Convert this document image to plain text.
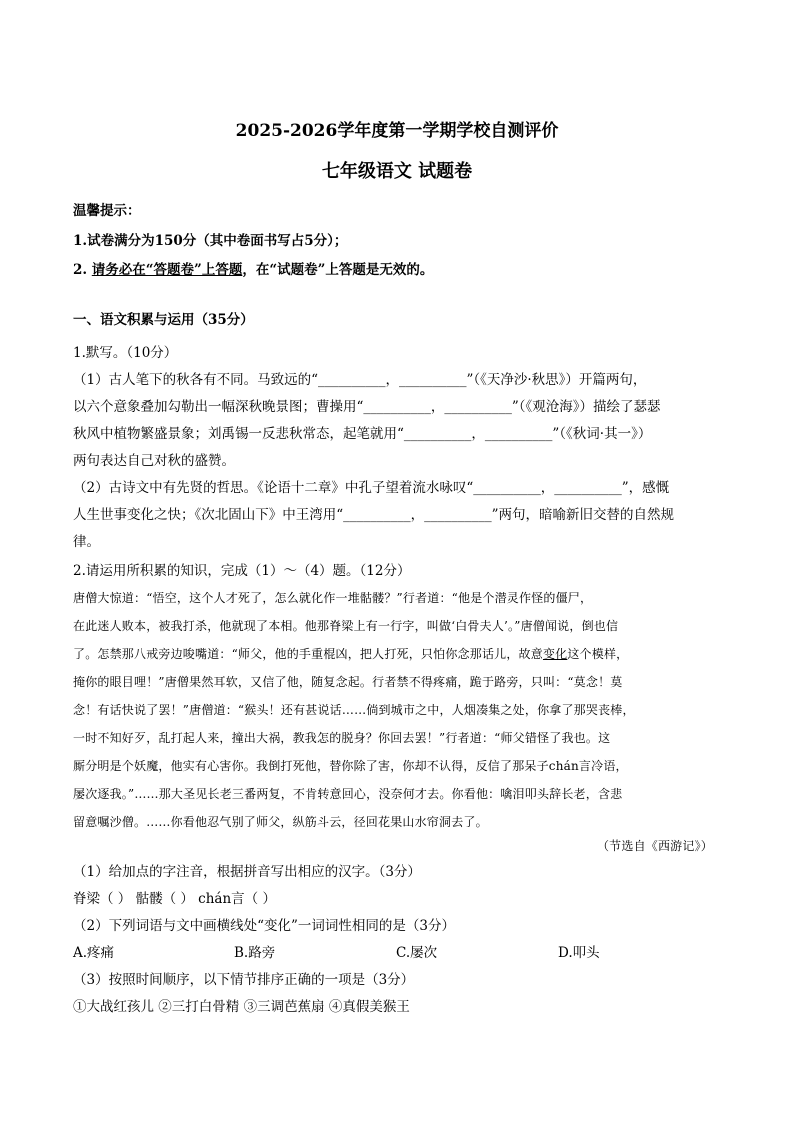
2025-2026学年度第一学期学校自测评价
七年级语文 试题卷

温馨提示：

1.试卷满分为150分（其中卷面书写占5分）；

2. 请务必在“答题卷”上答题，在“试题卷”上答题是无效的。

一、语文积累与运用（35分）

1.默写。（10分）

（1）古人笔下的秋各有不同。马致远的“__________，__________”（《天净沙·秋思》）开篇两句，

以六个意象叠加勾勒出一幅深秋晚景图；曹操用“__________，__________”（《观沧海》）描绘了瑟瑟

秋风中植物繁盛景象；刘禹锡一反悲秋常态，起笔就用“__________，__________”（《秋词·其一》）

两句表达自己对秋的盛赞。

（2）古诗文中有先贤的哲思。《论语十二章》中孔子望着流水咏叹“__________，__________”，感慨

人生世事变化之快；《次北固山下》中王湾用“__________，__________”两句，暗喻新旧交替的自然规

律。

2.请运用所积累的知识，完成（1）～（4）题。（12分）

唐僧大惊道：“悟空，这个人才死了，怎么就化作一堆骷髅？”行者道：“他是个潜灵作怪的僵尸，

在此迷人败本，被我打杀，他就现了本相。他那脊梁上有一行字，叫做‘白骨夫人’。”唐僧闻说，倒也信

了。怎禁那八戒旁边唆嘴道：“师父，他的手重棍凶，把人打死，只怕你念那话儿，故意变化这个模样，

掩你的眼目哩！”唐僧果然耳软，又信了他，随复念起。行者禁不得疼痛，跪于路旁，只叫：“莫念！莫

念！有话快说了罢！”唐僧道：“猴头！还有甚说话……倘到城市之中，人烟凑集之处，你拿了那哭丧棒，

一时不知好歹，乱打起人来，撞出大祸，教我怎的脱身？你回去罢！”行者道：“师父错怪了我也。这

厮分明是个妖魔，他实有心害你。我倒打死他，替你除了害，你却不认得，反信了那呆子chán言冷语，

屡次逐我。”……那大圣见长老三番两复，不肯转意回心，没奈何才去。你看他：噙泪叩头辞长老，含悲

留意嘱沙僧。……你看他忍气别了师父，纵筋斗云，径回花果山水帘洞去了。

（节选自《西游记》）

（1）给加点的字注音，根据拼音写出相应的汉字。（3分）

脊梁（ ） 骷髅（ ） chán言（ ）

（2）下列词语与文中画横线处“变化”一词词性相同的是（3分）

A.疼痛	B.路旁	C.屡次	D.叩头

（3）按照时间顺序，以下情节排序正确的一项是（3分）

①大战红孩儿 ②三打白骨精 ③三调芭蕉扇 ④真假美猴王
